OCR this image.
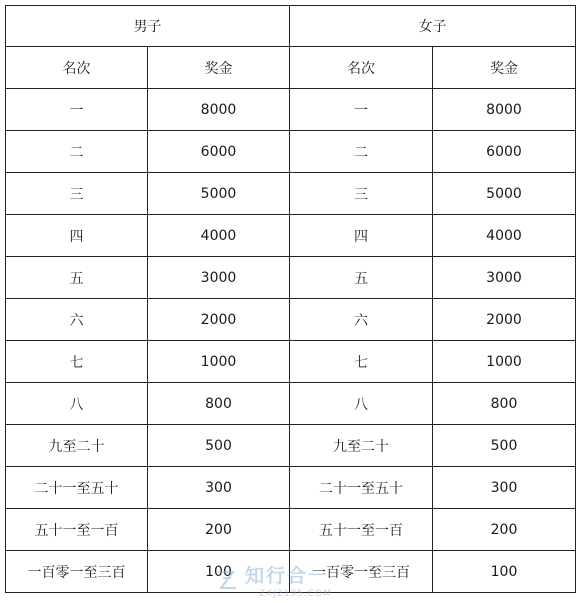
男子		女子	
名次	奖金	名次	奖金
一	8000	一	8000
二	6000	二	6000
三	5000	三	5000
四	4000	四	4000
五	3000	五	3000
六	2000	六	2000
七	1000	七	1000
八	800	八	800
九至二十	500	九至二十	500
二十一至五十	300	二十一至五十	300
五十一至一百	200	五十一至一百	200
一百零一至三百	100	一百零一至三百	100
知行合一
ZXJ2195.COM
